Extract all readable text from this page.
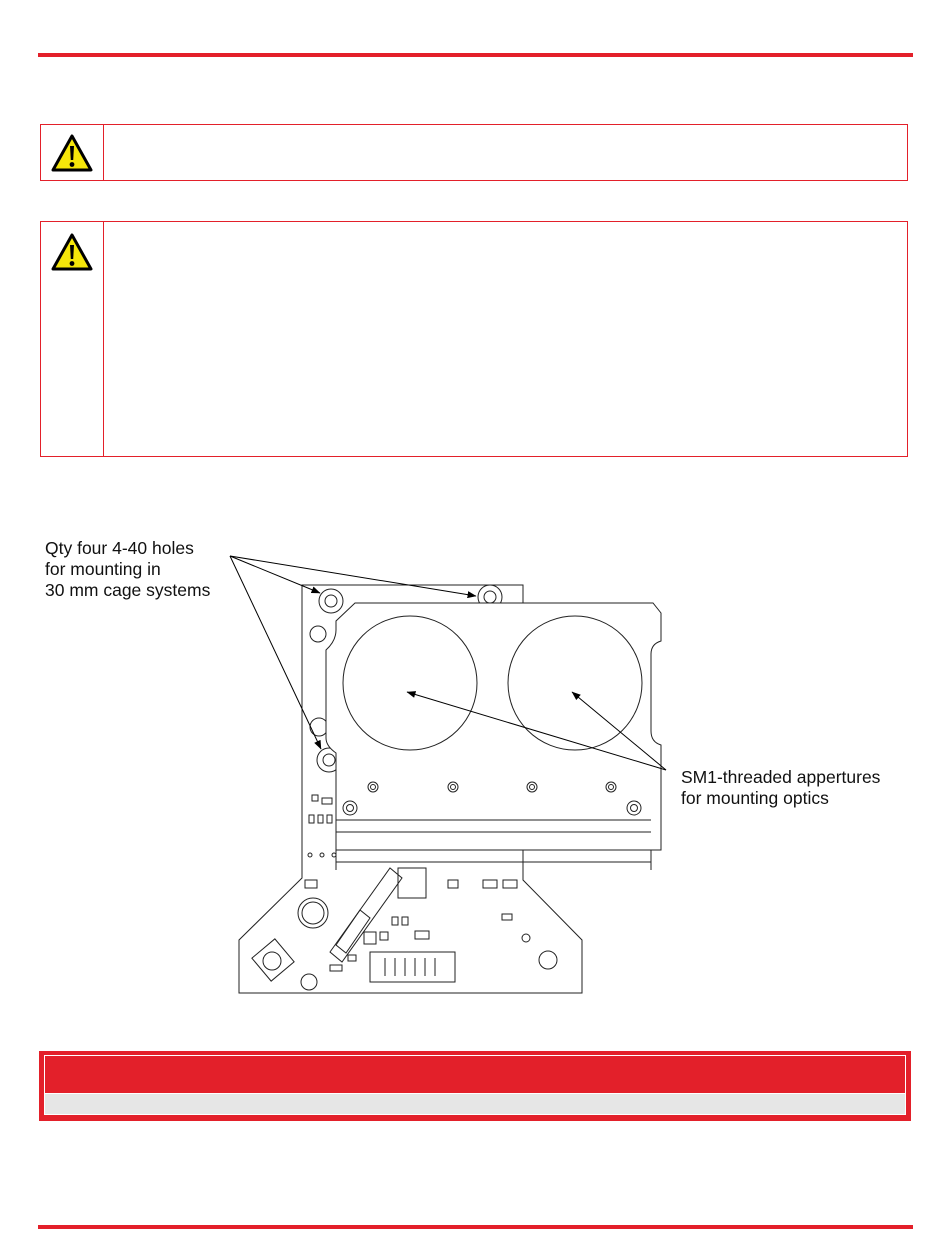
Qty four 4-40 holes
for mounting in
30 mm cage systems
SM1-threaded appertures
for mounting optics
